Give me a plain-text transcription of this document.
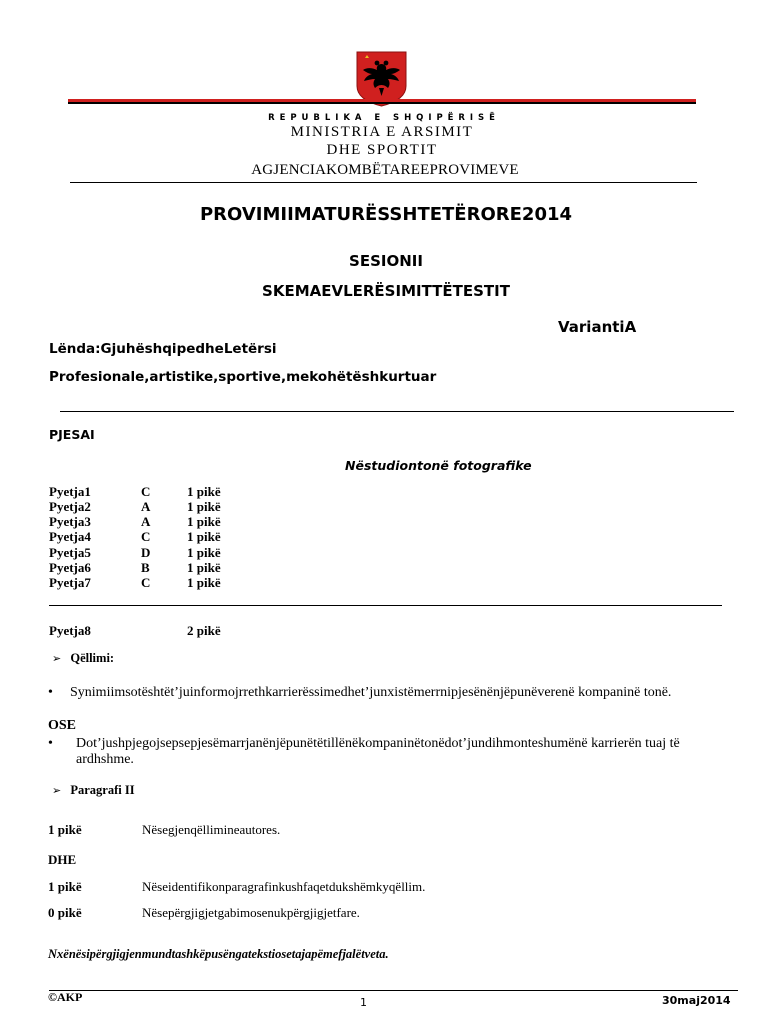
R E P U B L I K A   E   S H Q I P Ë R I S Ë
MINISTRIA E ARSIMIT
DHE SPORTIT
AGJENCIAKOMBËTAREEPROVIMEVE
PROVIMIIMATURËSSHTETËRORE2014
SESIONII
SKEMAEVLERËSIMITTËTESTIT
VariantiA
Lënda:GjuhëshqipedheLetërsi
Profesionale,artistike,sportive,mekohëtëshkurtuar
PJESAI
Nëstudiontonë fotografike
Pyetja1	C	1 pikë
Pyetja2	A	1 pikë
Pyetja3	A	1 pikë
Pyetja4	C	1 pikë
Pyetja5	D	1 pikë
Pyetja6	B	1 pikë
Pyetja7	C	1 pikë
Pyetja8	2 pikë
➢ Qëllimi:
• Synimiimsotështët’juinformojrrethkarrierëssimedhet’junxistëmerrnipjesënënjëpunëverenë kompaninë tonë.
OSE
• Dot’jushpjegojsepsepjesëmarrjanënjëpunëtëtillënëkompaninëtonëdot’jundihmonteshumënë karrierën tuaj të ardhshme.
➢ Paragrafi II
1 pikë	Nësegjenqëllimineautores.
DHE
1 pikë	Nëseidentifikonparagrafinkushfaqetdukshëmkyqëllim.
0 pikë	Nësepërgjigjetgabimosenukpërgjigjetfare.
Nxënësipërgjigjenmundtashkëpusëngatekstiosetajapëmefjalëtveta.
©AKP	1	30maj2014
